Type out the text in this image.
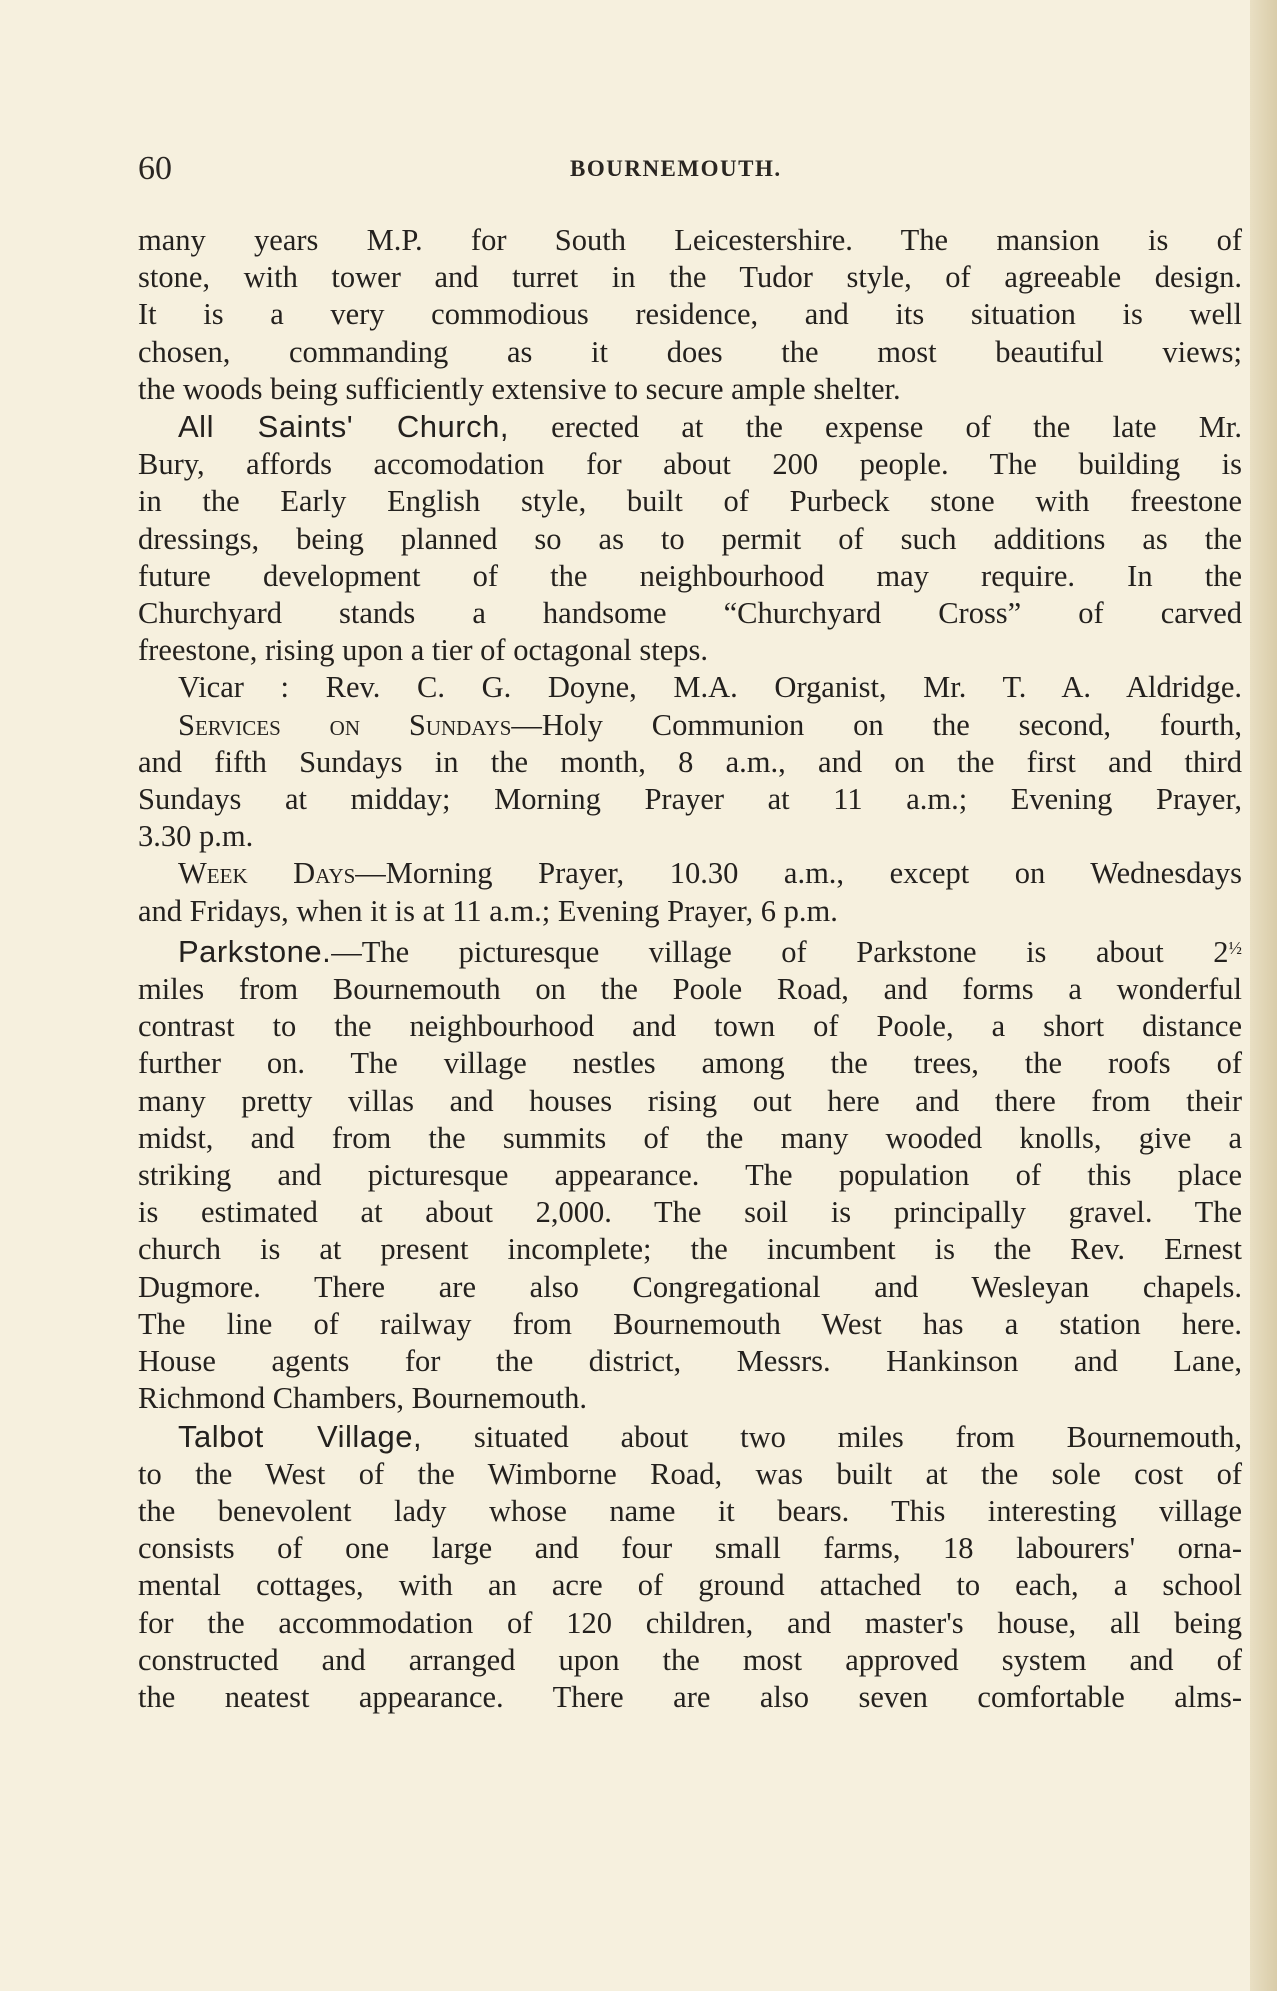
60	BOURNEMOUTH.
many years M.P. for South Leicestershire. The mansion is of
stone, with tower and turret in the Tudor style, of agreeable design.
It is a very commodious residence, and its situation is well
chosen, commanding as it does the most beautiful views;
the woods being sufficiently extensive to secure ample shelter.
All Saints' Church, erected at the expense of the late Mr.
Bury, affords accomodation for about 200 people. The building is
in the Early English style, built of Purbeck stone with freestone
dressings, being planned so as to permit of such additions as the
future development of the neighbourhood may require. In the
Churchyard stands a handsome “Churchyard Cross” of carved
freestone, rising upon a tier of octagonal steps.
Vicar : Rev. C. G. Doyne, M.A. Organist, Mr. T. A. Aldridge.
Services on Sundays—Holy Communion on the second, fourth,
and fifth Sundays in the month, 8 a.m., and on the first and third
Sundays at midday; Morning Prayer at 11 a.m.; Evening Prayer,
3.30 p.m.
Week Days—Morning Prayer, 10.30 a.m., except on Wednesdays
and Fridays, when it is at 11 a.m.; Evening Prayer, 6 p.m.
Parkstone.—The picturesque village of Parkstone is about $2^{\frac{1}{2}}$
miles from Bournemouth on the Poole Road, and forms a wonderful
contrast to the neighbourhood and town of Poole, a short distance
further on. The village nestles among the trees, the roofs of
many pretty villas and houses rising out here and there from their
midst, and from the summits of the many wooded knolls, give a
striking and picturesque appearance. The population of this place
is estimated at about 2,000. The soil is principally gravel. The
church is at present incomplete; the incumbent is the Rev. Ernest
Dugmore. There are also Congregational and Wesleyan chapels.
The line of railway from Bournemouth West has a station here.
House agents for the district, Messrs. Hankinson and Lane,
Richmond Chambers, Bournemouth.
Talbot Village, situated about two miles from Bournemouth,
to the West of the Wimborne Road, was built at the sole cost of
the benevolent lady whose name it bears. This interesting village
consists of one large and four small farms, 18 labourers' orna-
mental cottages, with an acre of ground attached to each, a school
for the accommodation of 120 children, and master's house, all being
constructed and arranged upon the most approved system and of
the neatest appearance. There are also seven comfortable alms-
